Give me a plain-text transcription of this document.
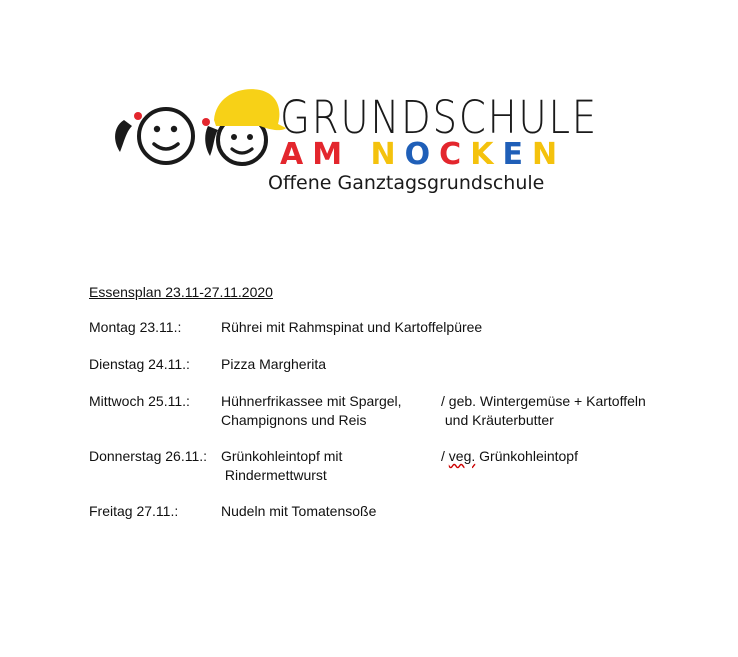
GRUNDSCHULE
AM NOCKEN
Offene Ganztagsgrundschule
Essensplan 23.11-27.11.2020
Montag 23.11.:	Rührei mit Rahmspinat und Kartoffelpüree
Dienstag 24.11.: Pizza Margherita
Mittwoch 25.11.: Hühnerfrikassee mit Spargel,
Champignons und Reis
/ geb. Wintergemüse + Kartoffeln
und Kräuterbutter
Donnerstag 26.11.: Grünkohleintopf mit
Rindermettwurst
/ veg. Grünkohleintopf
Freitag 27.11.:	Nudeln mit Tomatensoße
